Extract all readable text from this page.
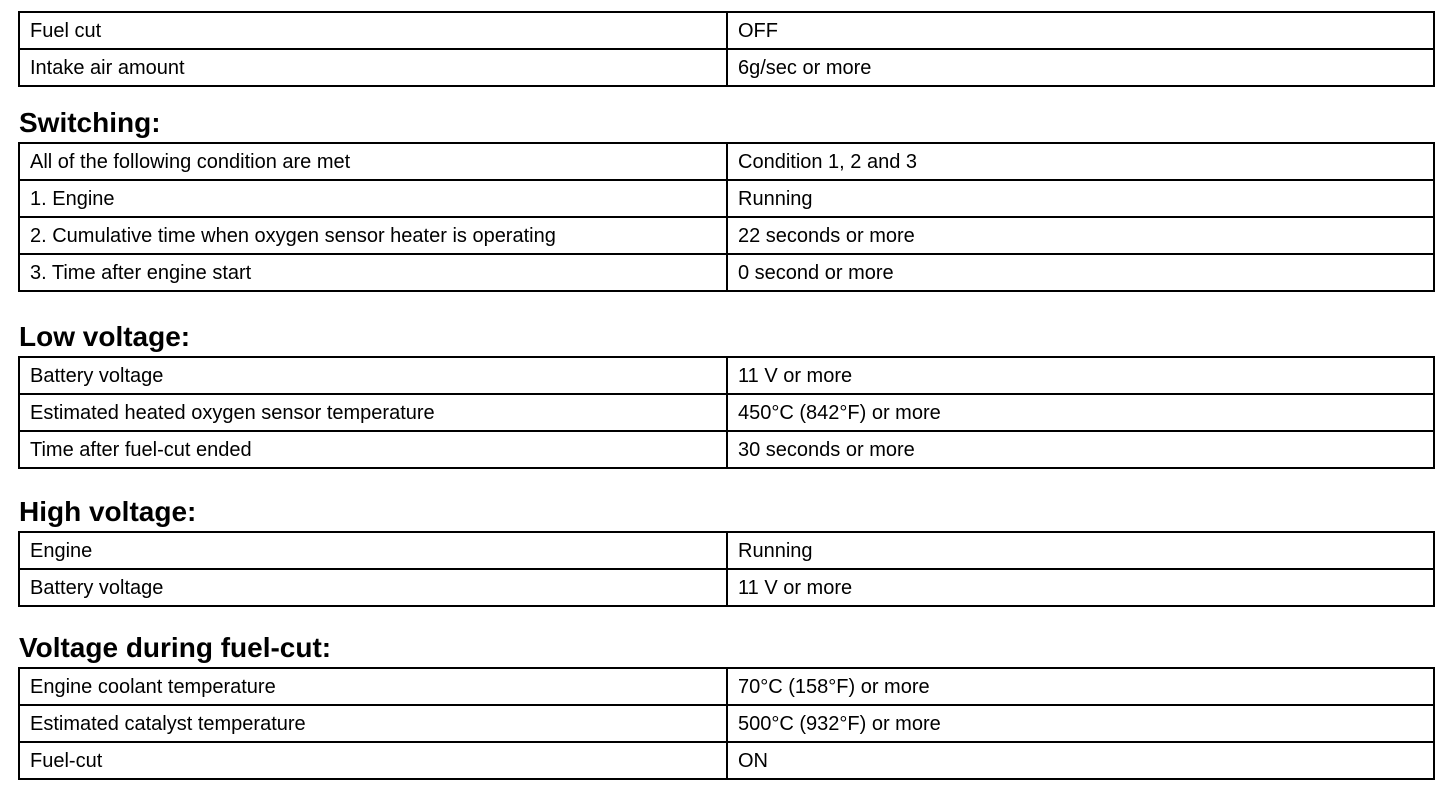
Fuel cut	OFF
Intake air amount	6g/sec or more
Switching:
All of the following condition are met	Condition 1, 2 and 3
1. Engine	Running
2. Cumulative time when oxygen sensor heater is operating	22 seconds or more
3. Time after engine start	0 second or more
Low voltage:
Battery voltage	11 V or more
Estimated heated oxygen sensor temperature	450°C (842°F) or more
Time after fuel-cut ended	30 seconds or more
High voltage:
Engine	Running
Battery voltage	11 V or more
Voltage during fuel-cut:
Engine coolant temperature	70°C (158°F) or more
Estimated catalyst temperature	500°C (932°F) or more
Fuel-cut	ON
